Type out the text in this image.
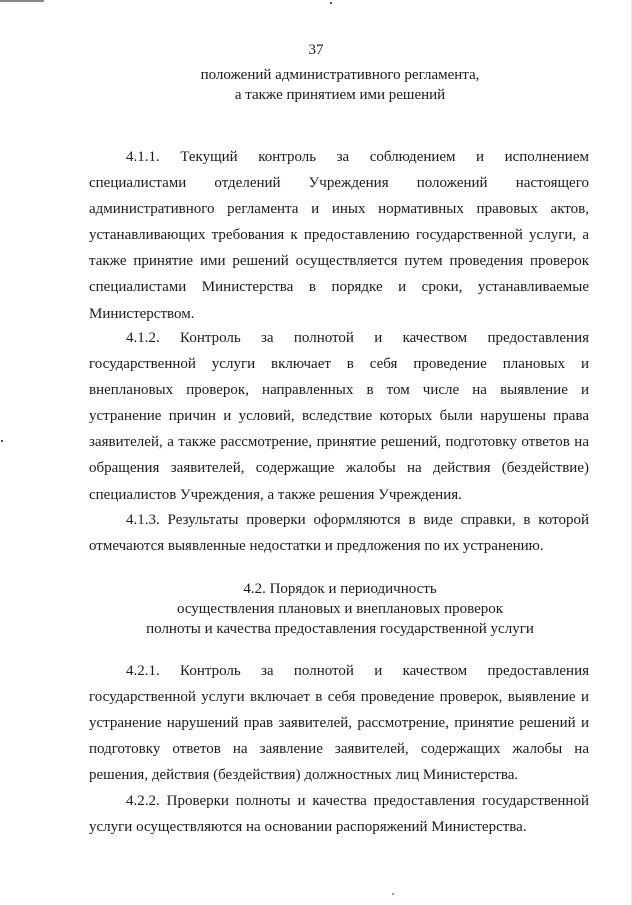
37
положений административного регламента,
а также принятием ими решений

4.1.1. Текущий контроль за соблюдением и исполнением специалистами отделений Учреждения положений настоящего административного регламента и иных нормативных правовых актов, устанавливающих требования к предоставлению государственной услуги, а также принятие ими решений осуществляется путем проведения проверок специалистами Министерства в порядке и сроки, устанавливаемые Министерством.

4.1.2. Контроль за полнотой и качеством предоставления государственной услуги включает в себя проведение плановых и внеплановых проверок, направленных в том числе на выявление и устранение причин и условий, вследствие которых были нарушены права заявителей, а также рассмотрение, принятие решений, подготовку ответов на обращения заявителей, содержащие жалобы на действия (бездействие) специалистов Учреждения, а также решения Учреждения.

4.1.3. Результаты проверки оформляются в виде справки, в которой отмечаются выявленные недостатки и предложения по их устранению.

4.2. Порядок и периодичность
осуществления плановых и внеплановых проверок
полноты и качества предоставления государственной услуги

4.2.1. Контроль за полнотой и качеством предоставления государственной услуги включает в себя проведение проверок, выявление и устранение нарушений прав заявителей, рассмотрение, принятие решений и подготовку ответов на заявление заявителей, содержащих жалобы на решения, действия (бездействия) должностных лиц Министерства.

4.2.2. Проверки полноты и качества предоставления государственной услуги осуществляются на основании распоряжений Министерства.
